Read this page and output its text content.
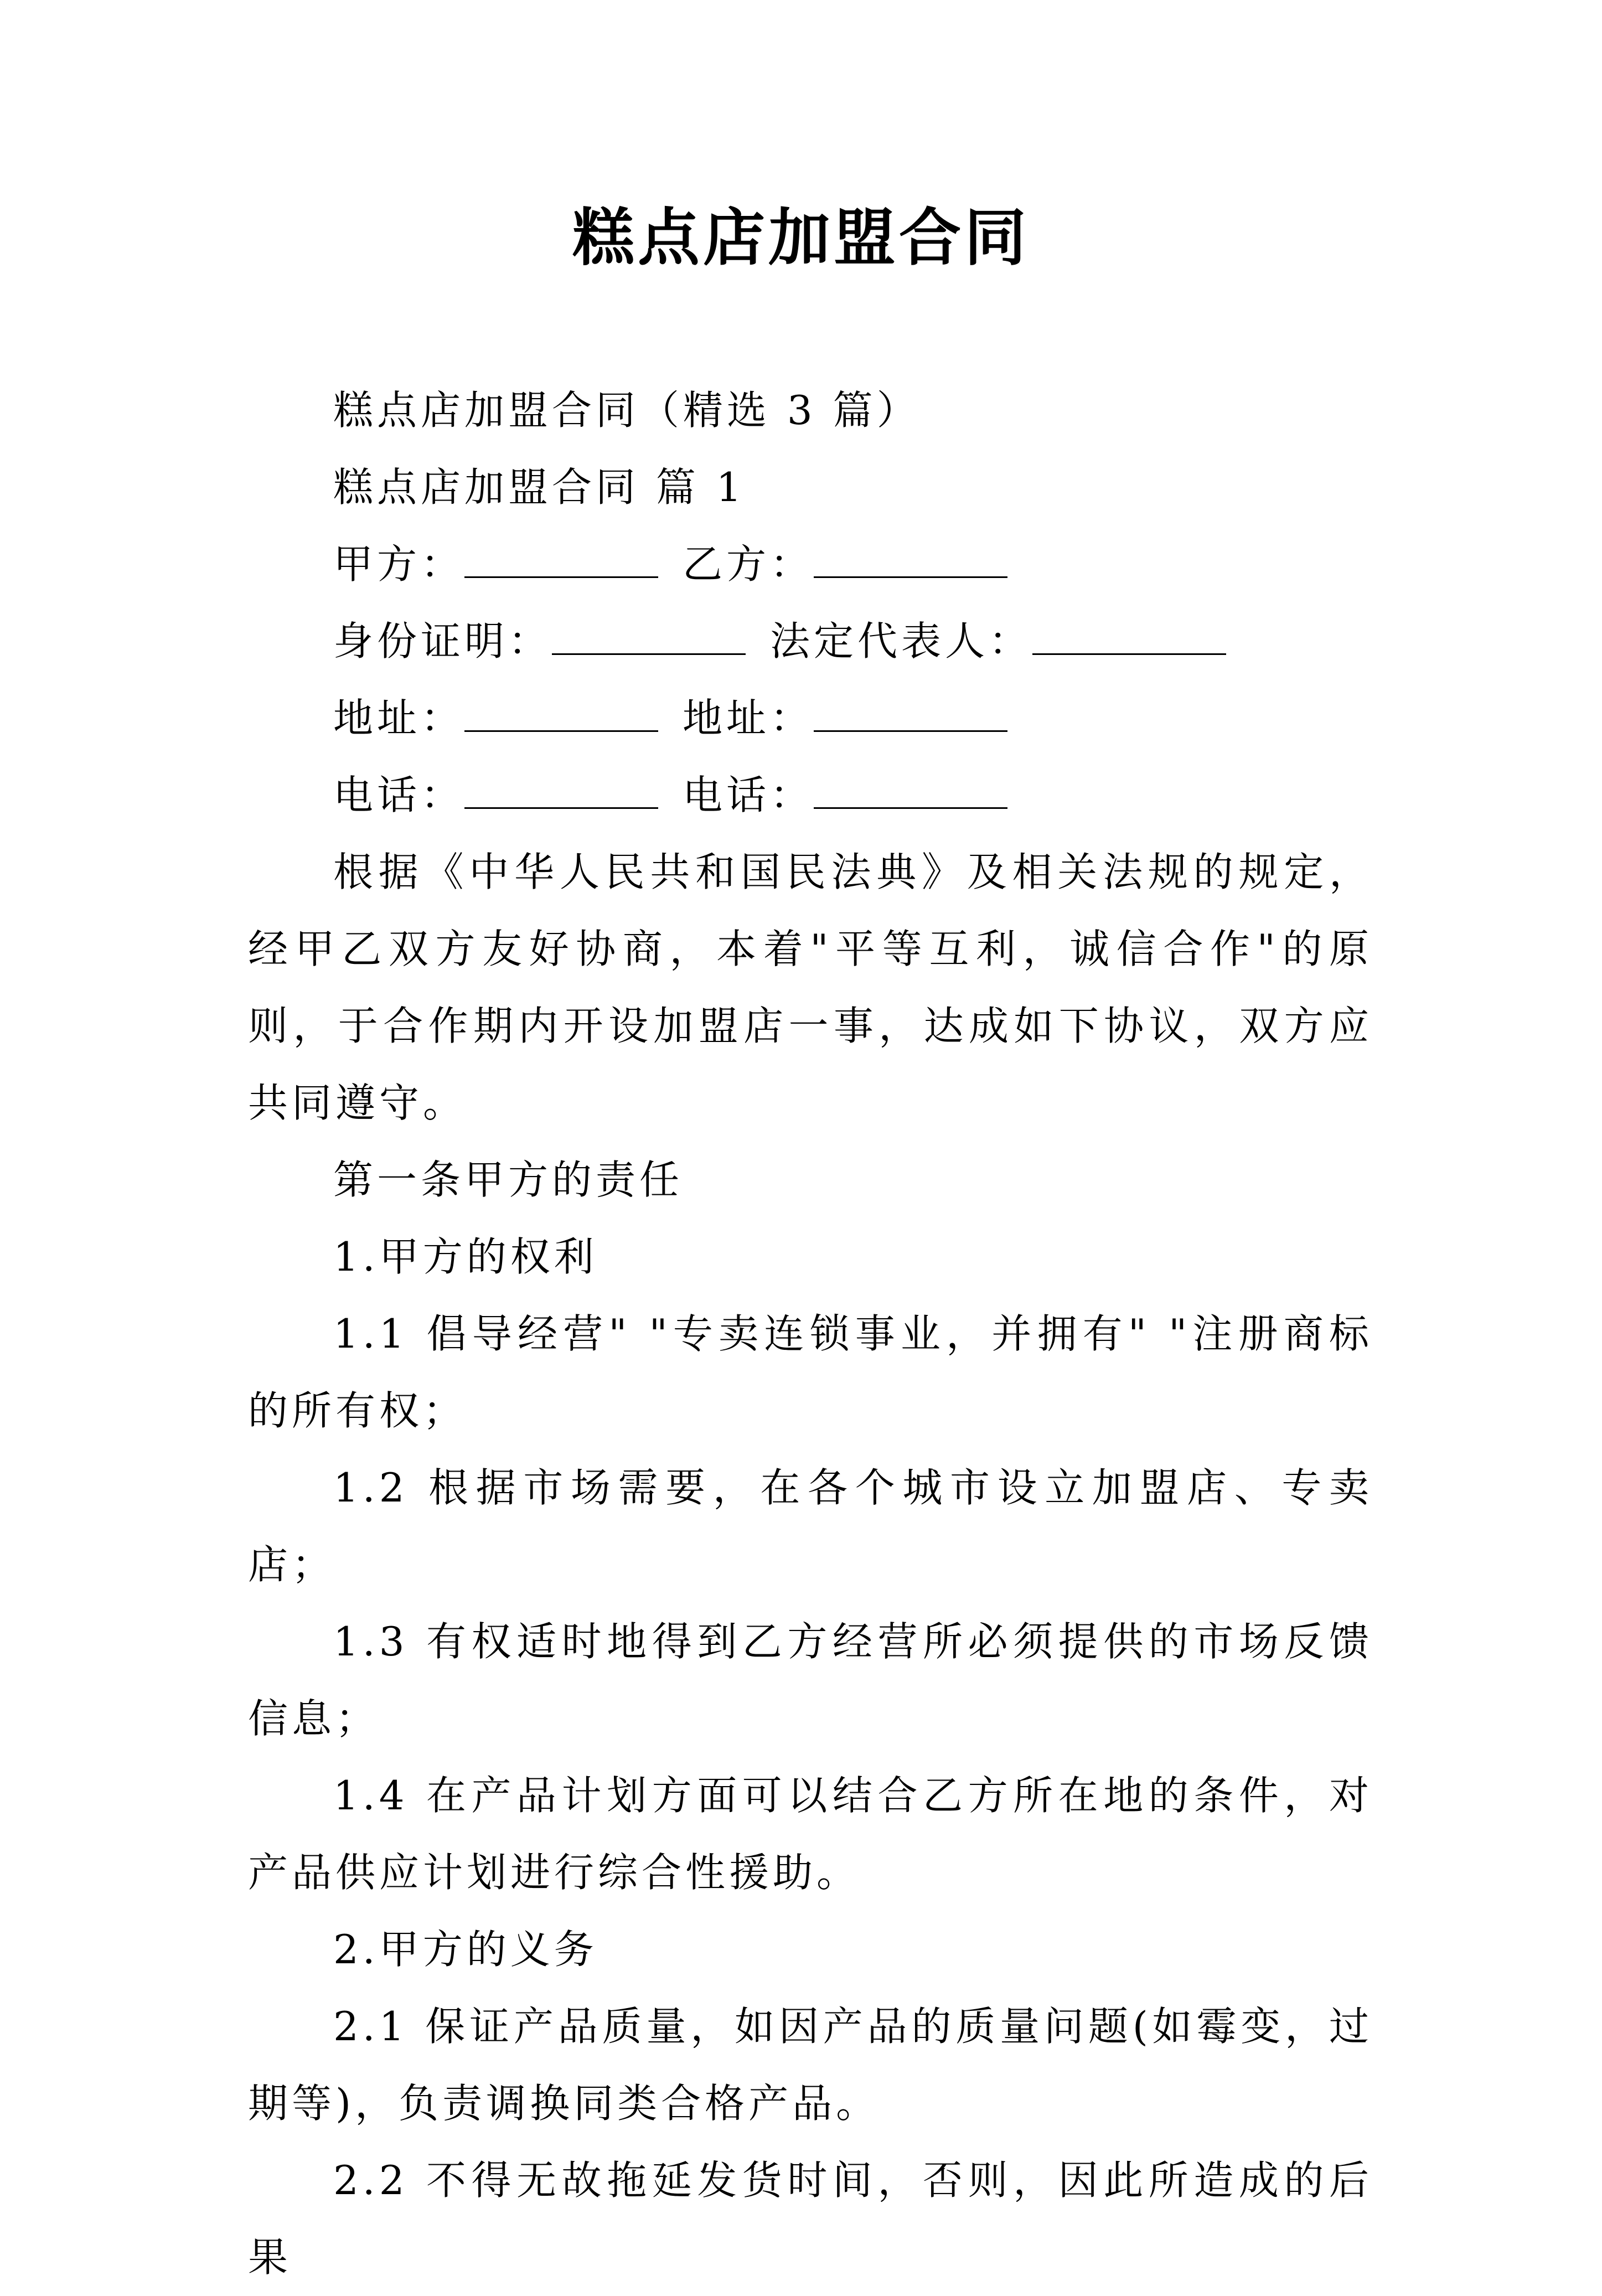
糕点店加盟合同

糕点店加盟合同（精选 3 篇）

糕点店加盟合同 篇 1

甲方：	乙方：
身份证明：	法定代表人：
地址：	地址：
电话：	电话：

根据《中华人民共和国民法典》及相关法规的规定，经甲乙双方友好协商，本着"平等互利，诚信合作"的原则，于合作期内开设加盟店一事，达成如下协议，双方应共同遵守。

第一条甲方的责任

1.甲方的权利

1.1 倡导经营" "专卖连锁事业，并拥有" "注册商标的所有权；

1.2 根据市场需要，在各个城市设立加盟店、专卖店；

1.3 有权适时地得到乙方经营所必须提供的市场反馈信息；

1.4 在产品计划方面可以结合乙方所在地的条件，对产品供应计划进行综合性援助。

2.甲方的义务

2.1 保证产品质量，如因产品的质量问题(如霉变，过期等)，负责调换同类合格产品。

2.2 不得无故拖延发货时间，否则，因此所造成的后果
